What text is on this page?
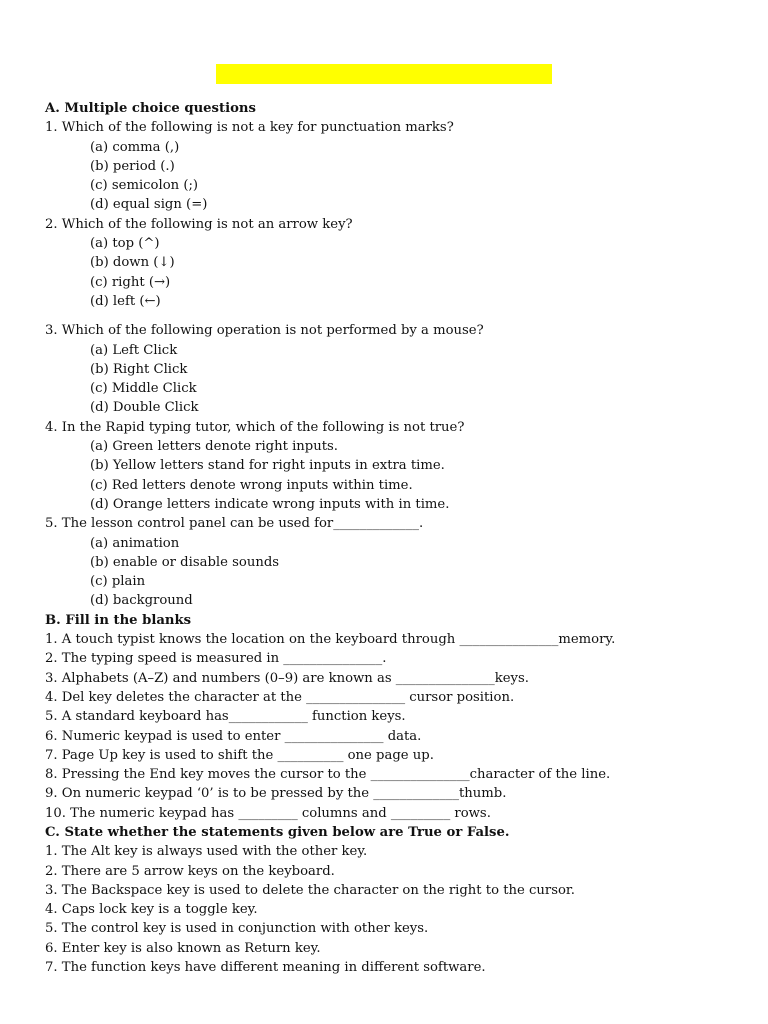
A. Multiple choice questions
1. Which of the following is not a key for punctuation marks?
(a) comma (,)
(b) period (.)
(c) semicolon (;)
(d) equal sign (=)
2. Which of the following is not an arrow key?
(a) top (^)
(b) down (↓)
(c) right (→)
(d) left (←)
3. Which of the following operation is not performed by a mouse?
(a) Left Click
(b) Right Click
(c) Middle Click
(d) Double Click
4. In the Rapid typing tutor, which of the following is not true?
(a) Green letters denote right inputs.
(b) Yellow letters stand for right inputs in extra time.
(c) Red letters denote wrong inputs within time.
(d) Orange letters indicate wrong inputs with in time.
5. The lesson control panel can be used for_____________.
(a) animation
(b) enable or disable sounds
(c) plain
(d) background
B. Fill in the blanks
1. A touch typist knows the location on the keyboard through _______________memory.
2. The typing speed is measured in _______________.
3. Alphabets (A–Z) and numbers (0–9) are known as _______________keys.
4. Del key deletes the character at the _______________ cursor position.
5. A standard keyboard has____________ function keys.
6. Numeric keypad is used to enter _______________ data.
7. Page Up key is used to shift the __________ one page up.
8. Pressing the End key moves the cursor to the _______________character of the line.
9. On numeric keypad ‘0’ is to be pressed by the _____________thumb.
10. The numeric keypad has _________ columns and _________ rows.
C. State whether the statements given below are True or False.
1. The Alt key is always used with the other key.
2. There are 5 arrow keys on the keyboard.
3. The Backspace key is used to delete the character on the right to the cursor.
4. Caps lock key is a toggle key.
5. The control key is used in conjunction with other keys.
6. Enter key is also known as Return key.
7. The function keys have different meaning in different software.
